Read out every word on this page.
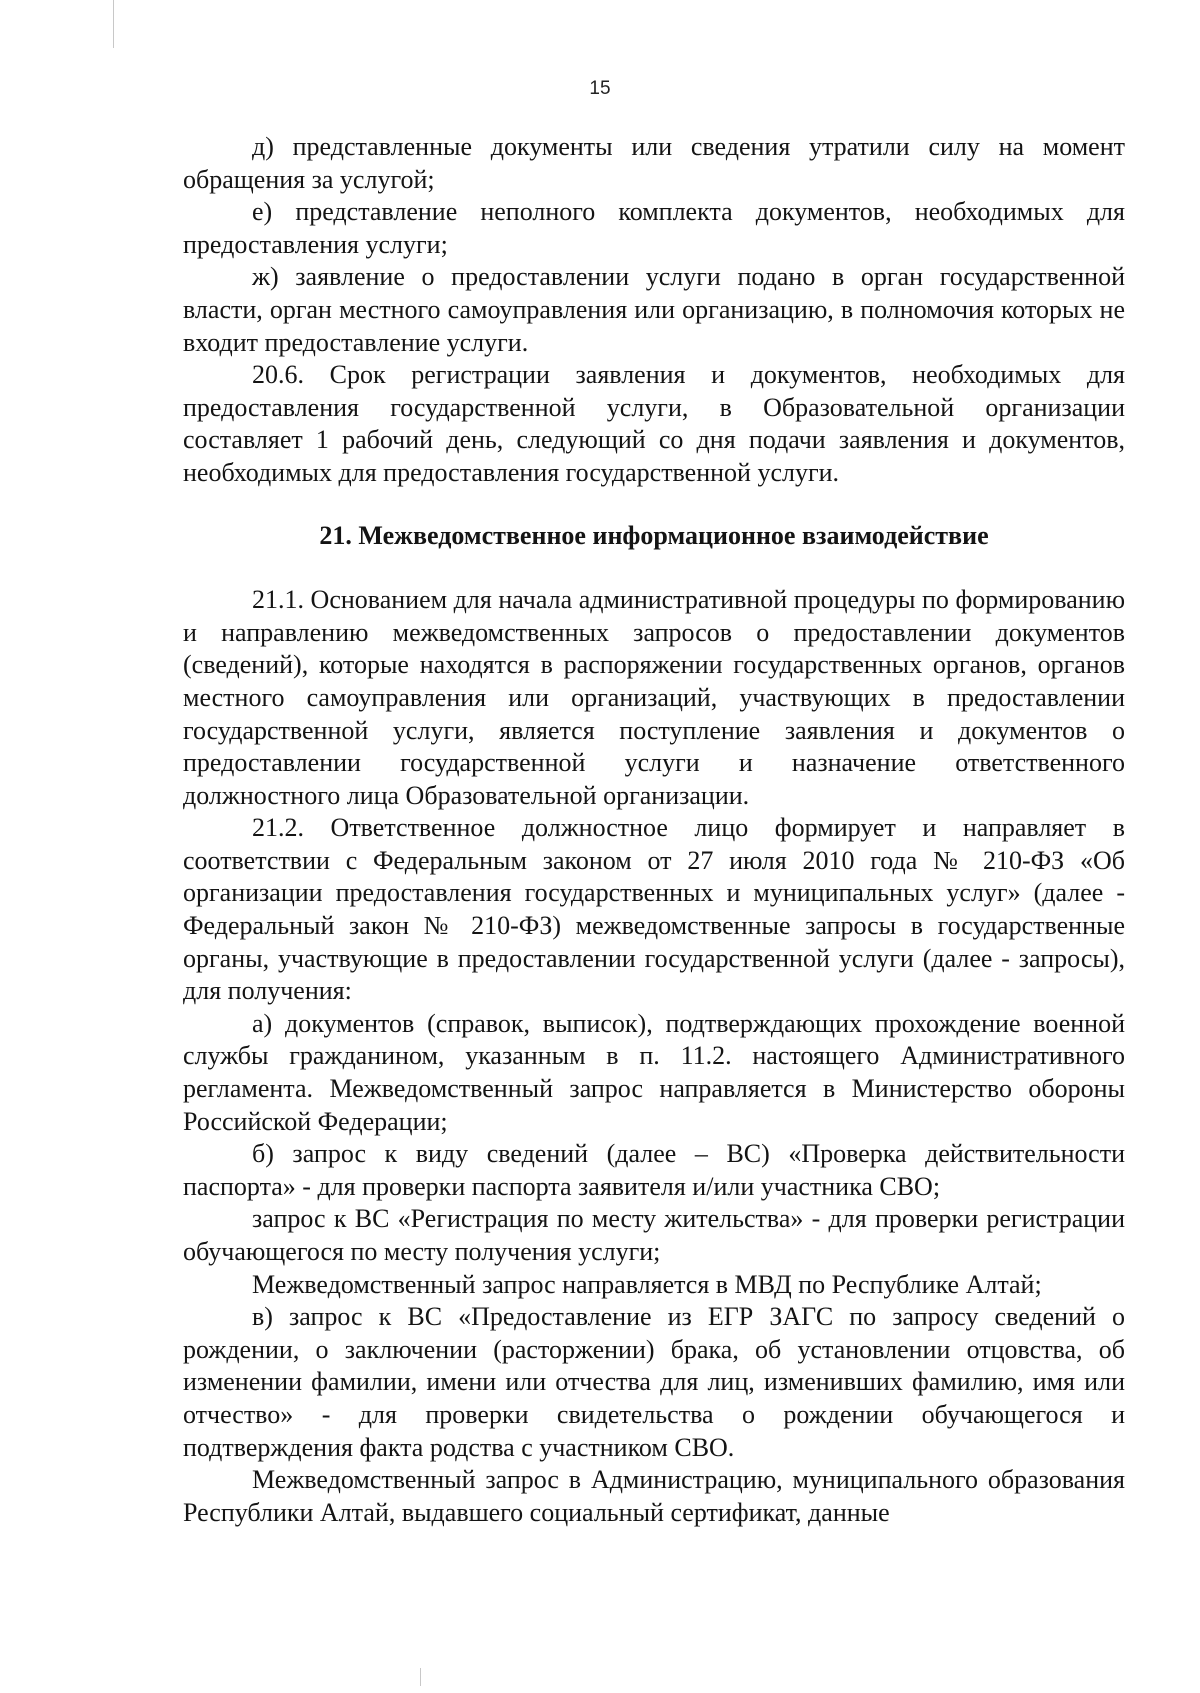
15

д) представленные документы или сведения утратили силу на момент обращения за услугой;

е) представление неполного комплекта документов, необходимых для предоставления услуги;

ж) заявление о предоставлении услуги подано в орган государственной власти, орган местного самоуправления или организацию, в полномочия которых не входит предоставление услуги.

20.6. Срок регистрации заявления и документов, необходимых для предоставления государственной услуги, в Образовательной организации составляет 1 рабочий день, следующий со дня подачи заявления и документов, необходимых для предоставления государственной услуги.

21. Межведомственное информационное взаимодействие

21.1. Основанием для начала административной процедуры по формированию и направлению межведомственных запросов о предоставлении документов (сведений), которые находятся в распоряжении государственных органов, органов местного самоуправления или организаций, участвующих в предоставлении государственной услуги, является поступление заявления и документов о предоставлении государственной услуги и назначение ответственного должностного лица Образовательной организации.

21.2. Ответственное должностное лицо формирует и направляет в соответствии с Федеральным законом от 27 июля 2010 года № 210-ФЗ «Об организации предоставления государственных и муниципальных услуг» (далее - Федеральный закон № 210-ФЗ) межведомственные запросы в государственные органы, участвующие в предоставлении государственной услуги (далее - запросы), для получения:

а) документов (справок, выписок), подтверждающих прохождение военной службы гражданином, указанным в п. 11.2. настоящего Административного регламента. Межведомственный запрос направляется в Министерство обороны Российской Федерации;

б) запрос к виду сведений (далее – ВС) «Проверка действительности паспорта» - для проверки паспорта заявителя и/или участника СВО;

запрос к ВС «Регистрация по месту жительства» - для проверки регистрации обучающегося по месту получения услуги;

Межведомственный запрос направляется в МВД по Республике Алтай;

в) запрос к ВС «Предоставление из ЕГР ЗАГС по запросу сведений о рождении, о заключении (расторжении) брака, об установлении отцовства, об изменении фамилии, имени или отчества для лиц, изменивших фамилию, имя или отчество» - для проверки свидетельства о рождении обучающегося и подтверждения факта родства с участником СВО.

Межведомственный запрос в Администрацию, муниципального образования Республики Алтай, выдавшего социальный сертификат, данные
